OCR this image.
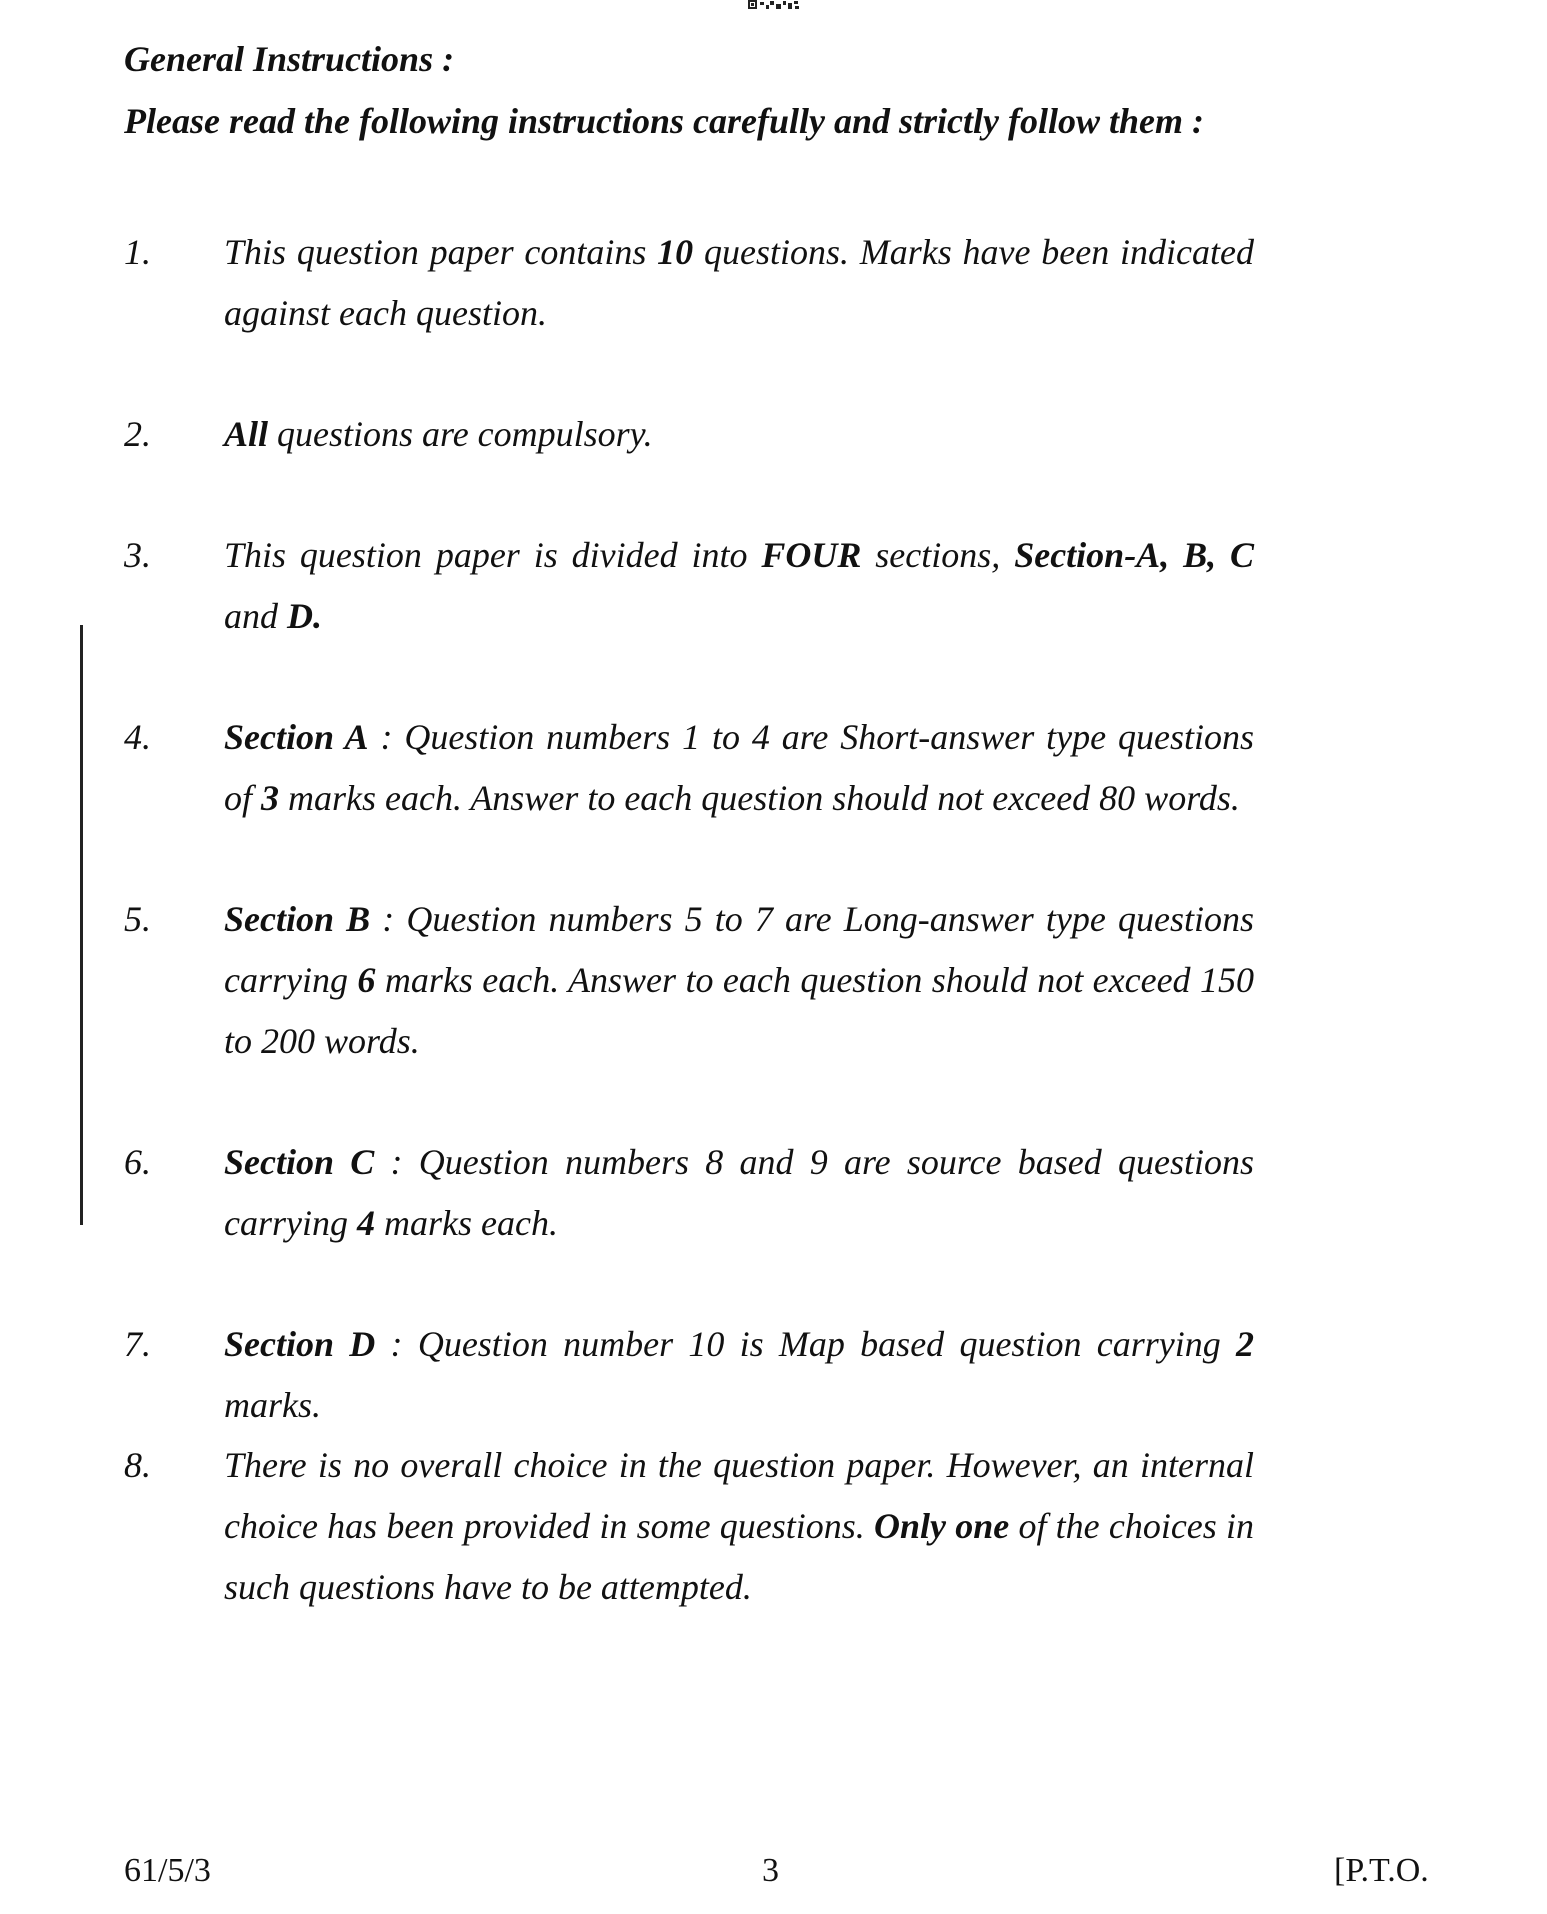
General Instructions :
Please read the following instructions carefully and strictly follow them :
1. This question paper contains 10 questions. Marks have been indicated against each question.
2. All questions are compulsory.
3. This question paper is divided into FOUR sections, Section-A, B, C and D.
4. Section A : Question numbers 1 to 4 are Short-answer type questions of 3 marks each. Answer to each question should not exceed 80 words.
5. Section B : Question numbers 5 to 7 are Long-answer type questions carrying 6 marks each. Answer to each question should not exceed 150 to 200 words.
6. Section C : Question numbers 8 and 9 are source based questions carrying 4 marks each.
7. Section D : Question number 10 is Map based question carrying 2 marks.
8. There is no overall choice in the question paper. However, an internal choice has been provided in some questions. Only one of the choices in such questions have to be attempted.
61/5/3	3	[P.T.O.
